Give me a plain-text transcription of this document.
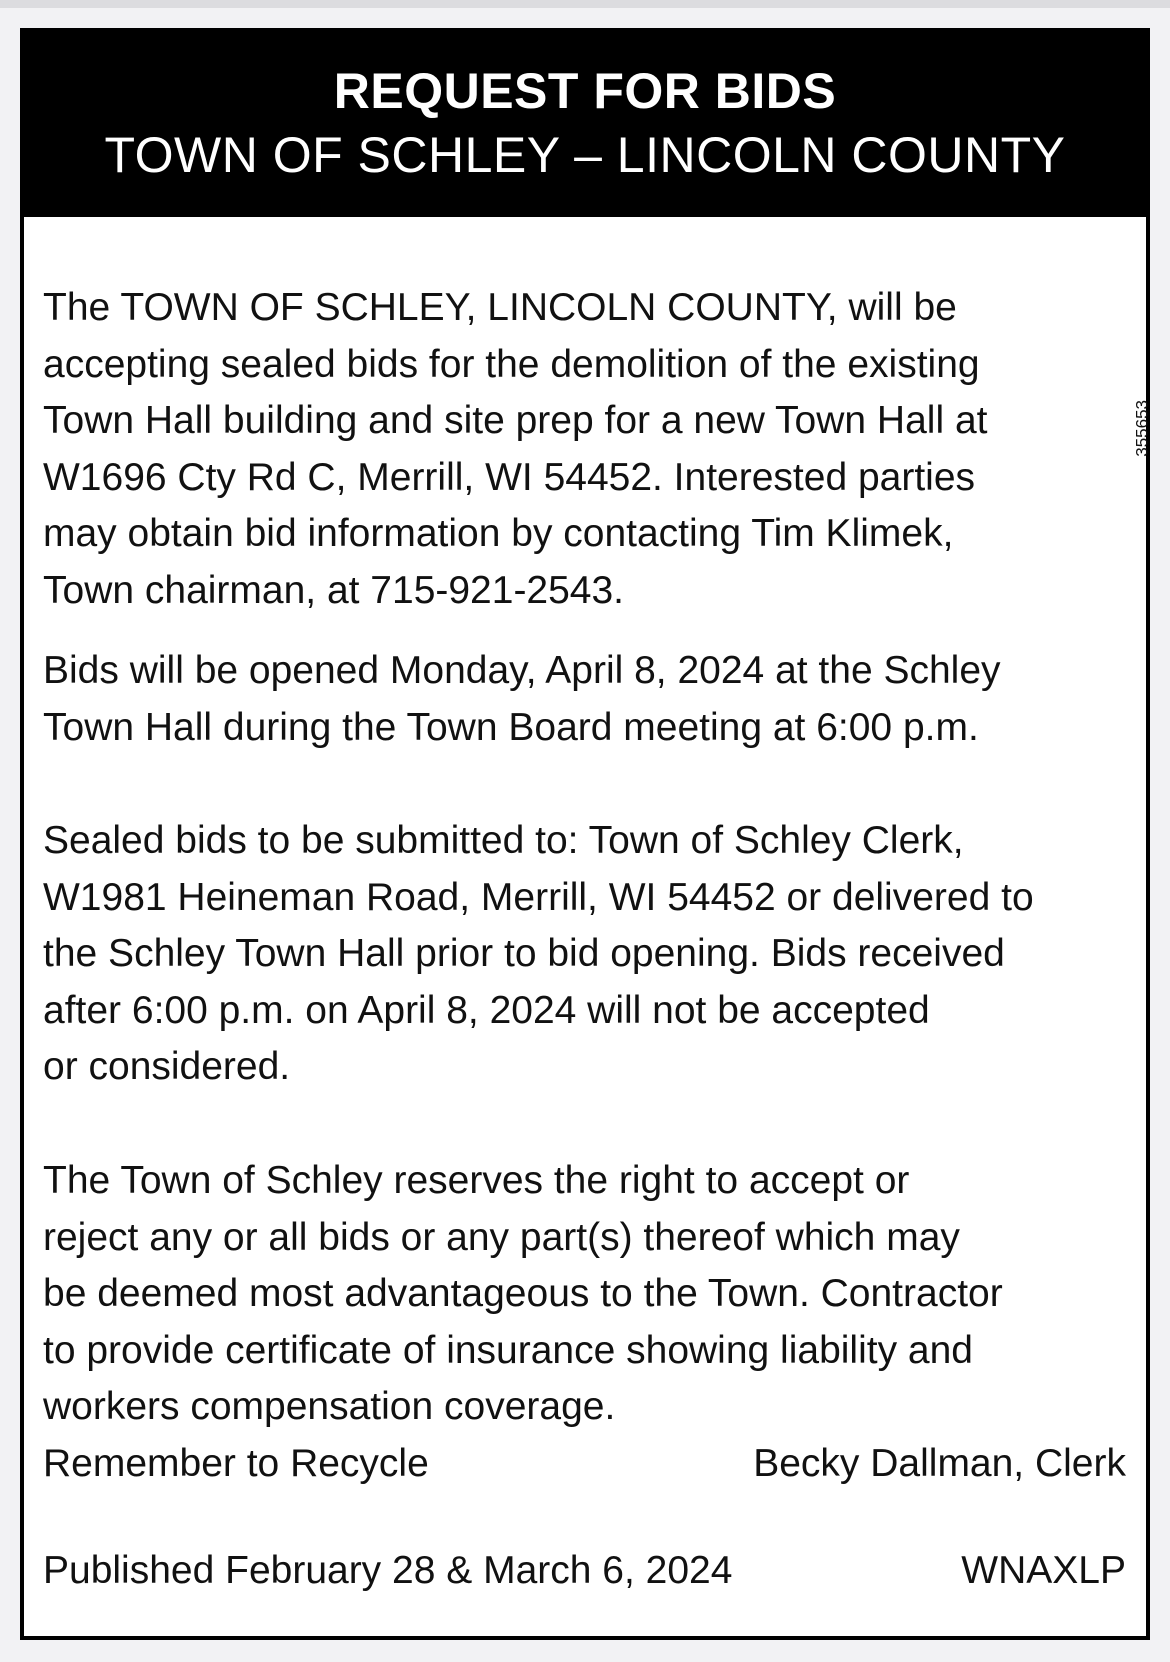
REQUEST FOR BIDS
TOWN OF SCHLEY – LINCOLN COUNTY
The TOWN OF SCHLEY, LINCOLN COUNTY, will be
accepting sealed bids for the demolition of the existing
Town Hall building and site prep for a new Town Hall at
W1696 Cty Rd C, Merrill, WI 54452. Interested parties
may obtain bid information by contacting Tim Klimek,
Town chairman, at 715-921-2543.
Bids will be opened Monday, April 8, 2024 at the Schley
Town Hall during the Town Board meeting at 6:00 p.m.
Sealed bids to be submitted to: Town of Schley Clerk,
W1981 Heineman Road, Merrill, WI 54452 or delivered to
the Schley Town Hall prior to bid opening. Bids received
after 6:00 p.m. on April 8, 2024 will not be accepted
or considered.
The Town of Schley reserves the right to accept or
reject any or all bids or any part(s) thereof which may
be deemed most advantageous to the Town. Contractor
to provide certificate of insurance showing liability and
workers compensation coverage.
Remember to Recycle	Becky Dallman, Clerk
Published February 28 & March 6, 2024	WNAXLP
355653
